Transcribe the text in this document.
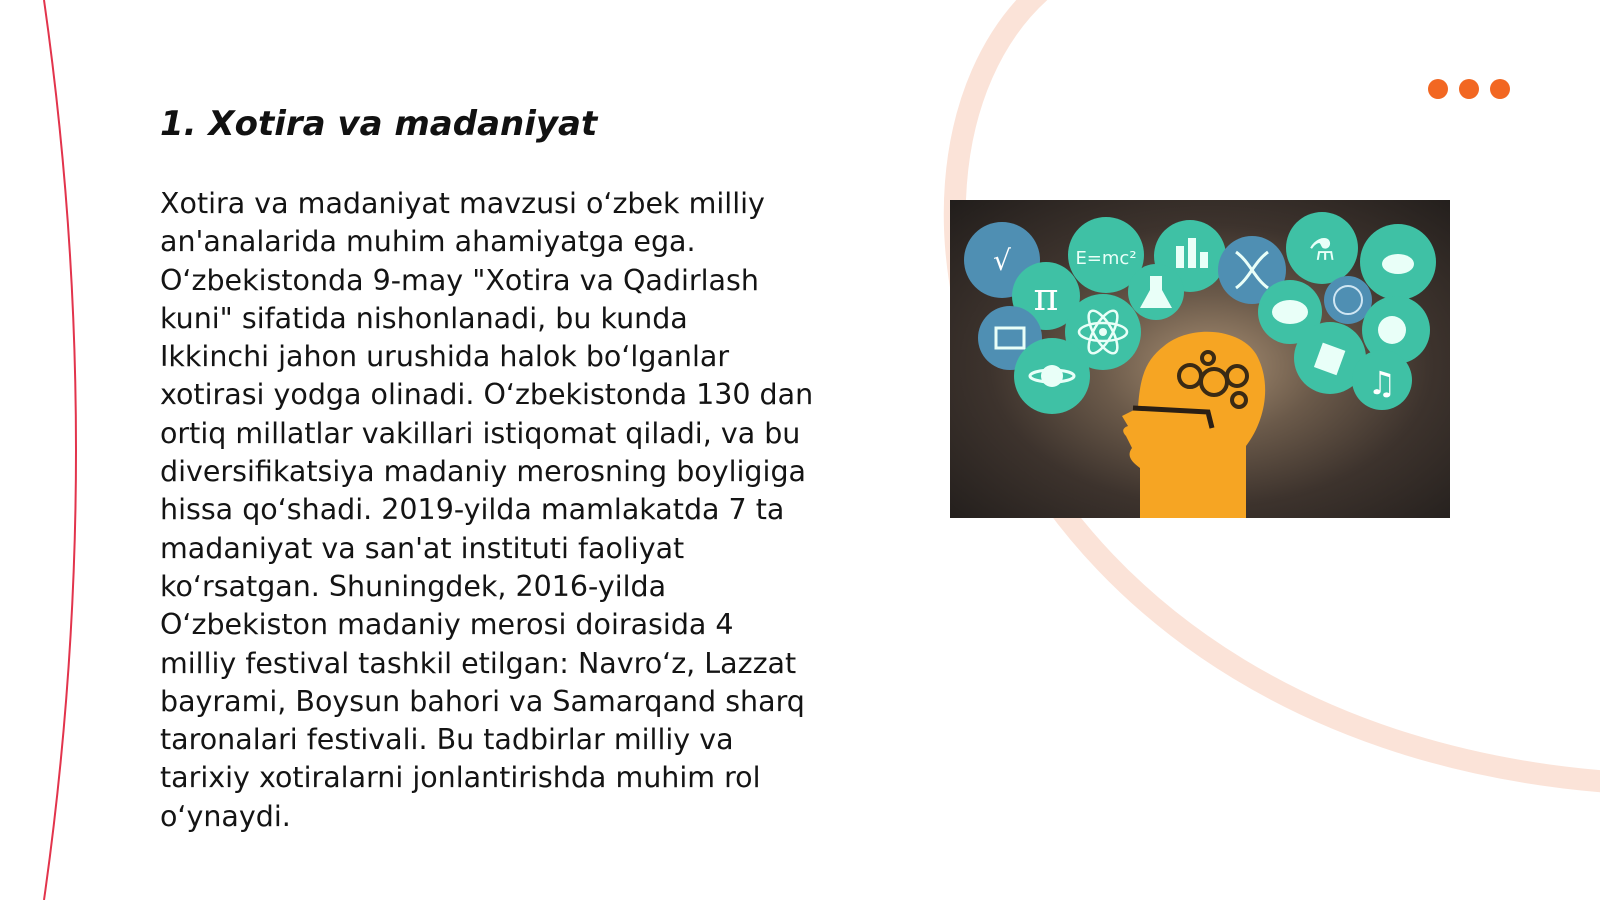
1. Xotira va madaniyat

Xotira va madaniyat mavzusi oʻzbek milliy
an'analarida muhim ahamiyatga ega.
Oʻzbekistonda 9-may "Xotira va Qadirlash
kuni" sifatida nishonlanadi, bu kunda
Ikkinchi jahon urushida halok boʻlganlar
xotirasi yodga olinadi. Oʻzbekistonda 130 dan
ortiq millatlar vakillari istiqomat qiladi, va bu
diversifikatsiya madaniy merosning boyligiga
hissa qoʻshadi. 2019-yilda mamlakatda 7 ta
madaniyat va san'at instituti faoliyat
koʻrsatgan. Shuningdek, 2016-yilda
Oʻzbekiston madaniy merosi doirasida 4
milliy festival tashkil etilgan: Navroʻz, Lazzat
bayrami, Boysun bahori va Samarqand sharq
taronalari festivali. Bu tadbirlar milliy va
tarixiy xotiralarni jonlantirishda muhim rol
oʻynaydi.

√	E=mc²	⚗
π
♫
